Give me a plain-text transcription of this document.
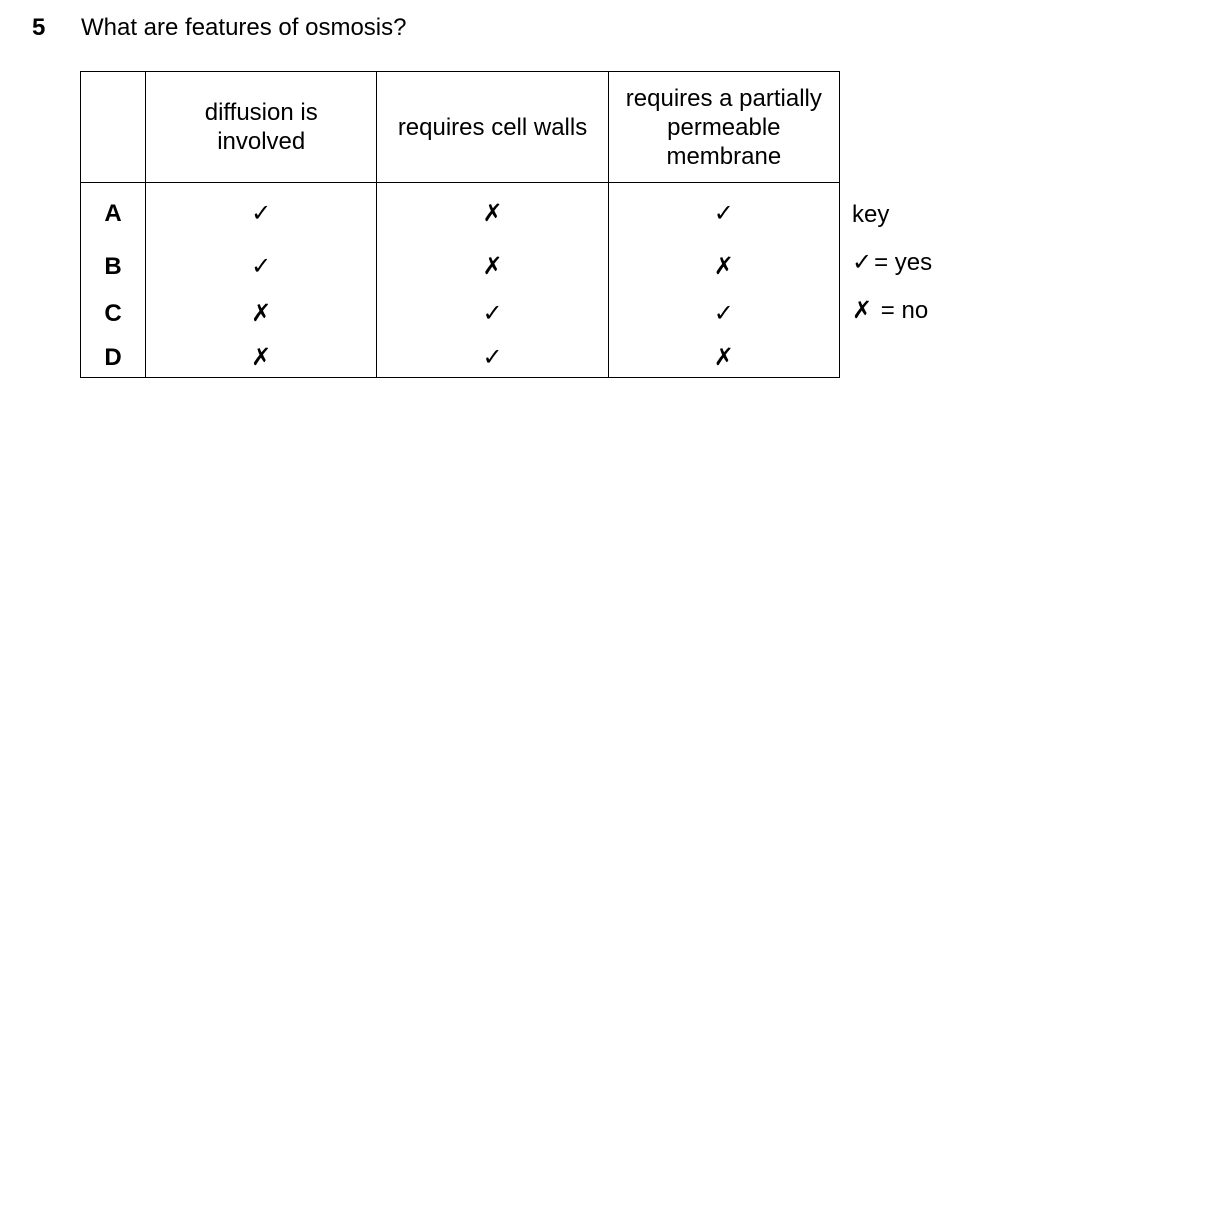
5 What are features of osmosis?
	diffusion is involved	requires cell walls	requires a partially permeable membrane
A	✓	✗	✓
B	✓	✗	✗
C	✗	✓	✓
D	✗	✓	✗
key
✓= yes
✗ = no
